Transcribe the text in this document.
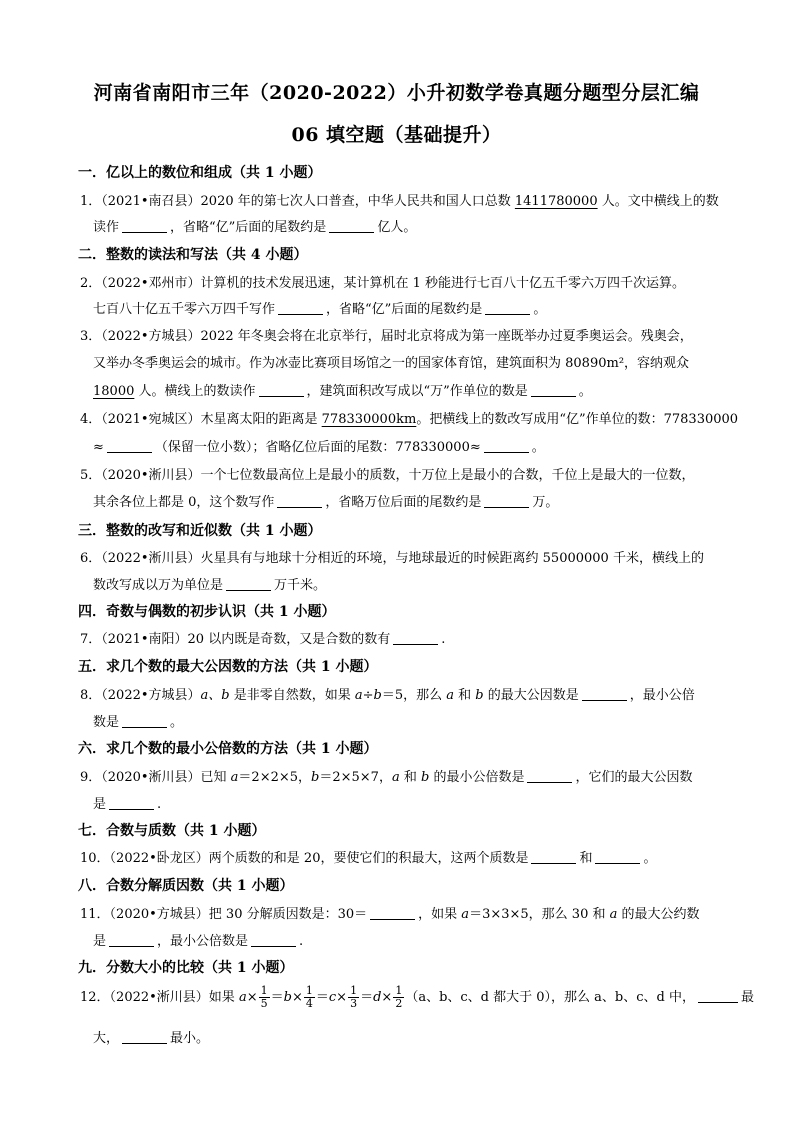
河南省南阳市三年（2020-2022）小升初数学卷真题分题型分层汇编
06 填空题（基础提升）
一．亿以上的数位和组成（共 1 小题）
1．（2021•南召县）2020 年的第七次人口普查，中华人民共和国人口总数 1411780000 人。文中横线上的数
读作	，省略“亿”后面的尾数约是	亿人。
二．整数的读法和写法（共 4 小题）
2．（2022•邓州市）计算机的技术发展迅速，某计算机在 1 秒能进行七百八十亿五千零六万四千次运算。
七百八十亿五千零六万四千写作	，省略“亿”后面的尾数约是	。
3．（2022•方城县）2022 年冬奥会将在北京举行，届时北京将成为第一座既举办过夏季奥运会。残奥会，
又举办冬季奥运会的城市。作为冰壶比赛项目场馆之一的国家体育馆，建筑面积为 80890m²，容纳观众
18000 人。横线上的数读作	，建筑面积改写成以“万”作单位的数是	。
4．（2021•宛城区）木星离太阳的距离是 778330000km。把横线上的数改写成用“亿”作单位的数：778330000
≈	（保留一位小数）；省略亿位后面的尾数：778330000≈	。
5．（2020•淅川县）一个七位数最高位上是最小的质数，十万位上是最小的合数，千位上是最大的一位数，
其余各位上都是 0，这个数写作	，省略万位后面的尾数约是	万。
三．整数的改写和近似数（共 1 小题）
6．（2022•淅川县）火星具有与地球十分相近的环境，与地球最近的时候距离约 55000000 千米，横线上的
数改写成以万为单位是	万千米。
四．奇数与偶数的初步认识（共 1 小题）
7．（2021•南阳）20 以内既是奇数，又是合数的数有	.
五．求几个数的最大公因数的方法（共 1 小题）
8．（2022•方城县）a、b 是非零自然数，如果 a÷b＝5，那么 a 和 b 的最大公因数是	，最小公倍
数是	。
六．求几个数的最小公倍数的方法（共 1 小题）
9．（2020•淅川县）已知 a＝2×2×5，b＝2×5×7，a 和 b 的最小公倍数是	，它们的最大公因数
是	.
七．合数与质数（共 1 小题）
10．（2022•卧龙区）两个质数的和是 20，要使它们的积最大，这两个质数是	和	。
八．合数分解质因数（共 1 小题）
11．（2020•方城县）把 30 分解质因数是：30＝	，如果 a＝3×3×5，那么 30 和 a 的最大公约数
是	，最小公倍数是	.
九．分数大小的比较（共 1 小题）
12．（2022•淅川县）如果 $a\times \frac{1}{5} =b\times \frac{1}{4} =c\times \frac{1}{3} =d\times \frac{1}{2} (a$、b、c、d 都大于 0），那么 a、b、c、d 中，	最
大，	最小。
